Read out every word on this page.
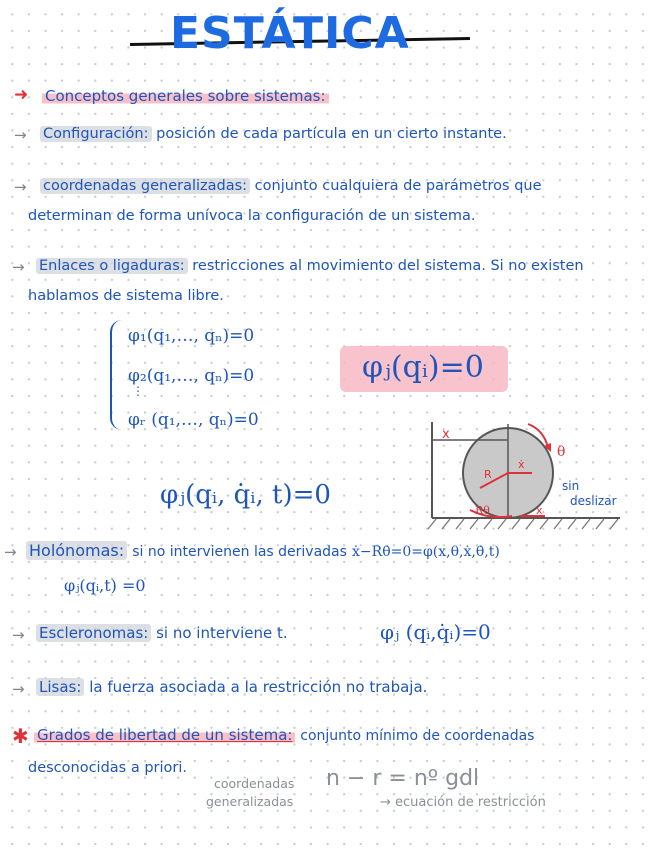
ESTÁTICA
➜ Conceptos generales sobre sistemas:
→ Configuración: posición de cada partícula en un cierto instante.
→ coordenadas generalizadas: conjunto cualquiera de parámetros que
determinan de forma unívoca la configuración de un sistema.
→ Enlaces o ligaduras: restricciones al movimiento del sistema. Si no existen
hablamos de sistema libre.
φ₁(q₁,…, qₙ)=0
φ₂(q₁,…, qₙ)=0
⋮
φᵣ (q₁,…, qₙ)=0
φⱼ(qᵢ)=0
φⱼ(qᵢ, q̇ᵢ, t)=0
x
θ
R
ẋ
Rθ	x
sin
deslizar
→ Holónomas: si no intervienen las derivadas ẋ−Rθ̇=0=φ(x,θ,ẋ,θ̇,t)
φⱼ(qᵢ,t) =0
→ Escleronomas: si no interviene t.	φⱼ (qᵢ,q̇ᵢ)=0
→ Lisas: la fuerza asociada a la restricción no trabaja.
✱ Grados de libertad de un sistema: conjunto mínimo de coordenadas
desconocidas a priori.
coordenadas
generalizadas
n − r = nº gdl
→ ecuación de restricción
